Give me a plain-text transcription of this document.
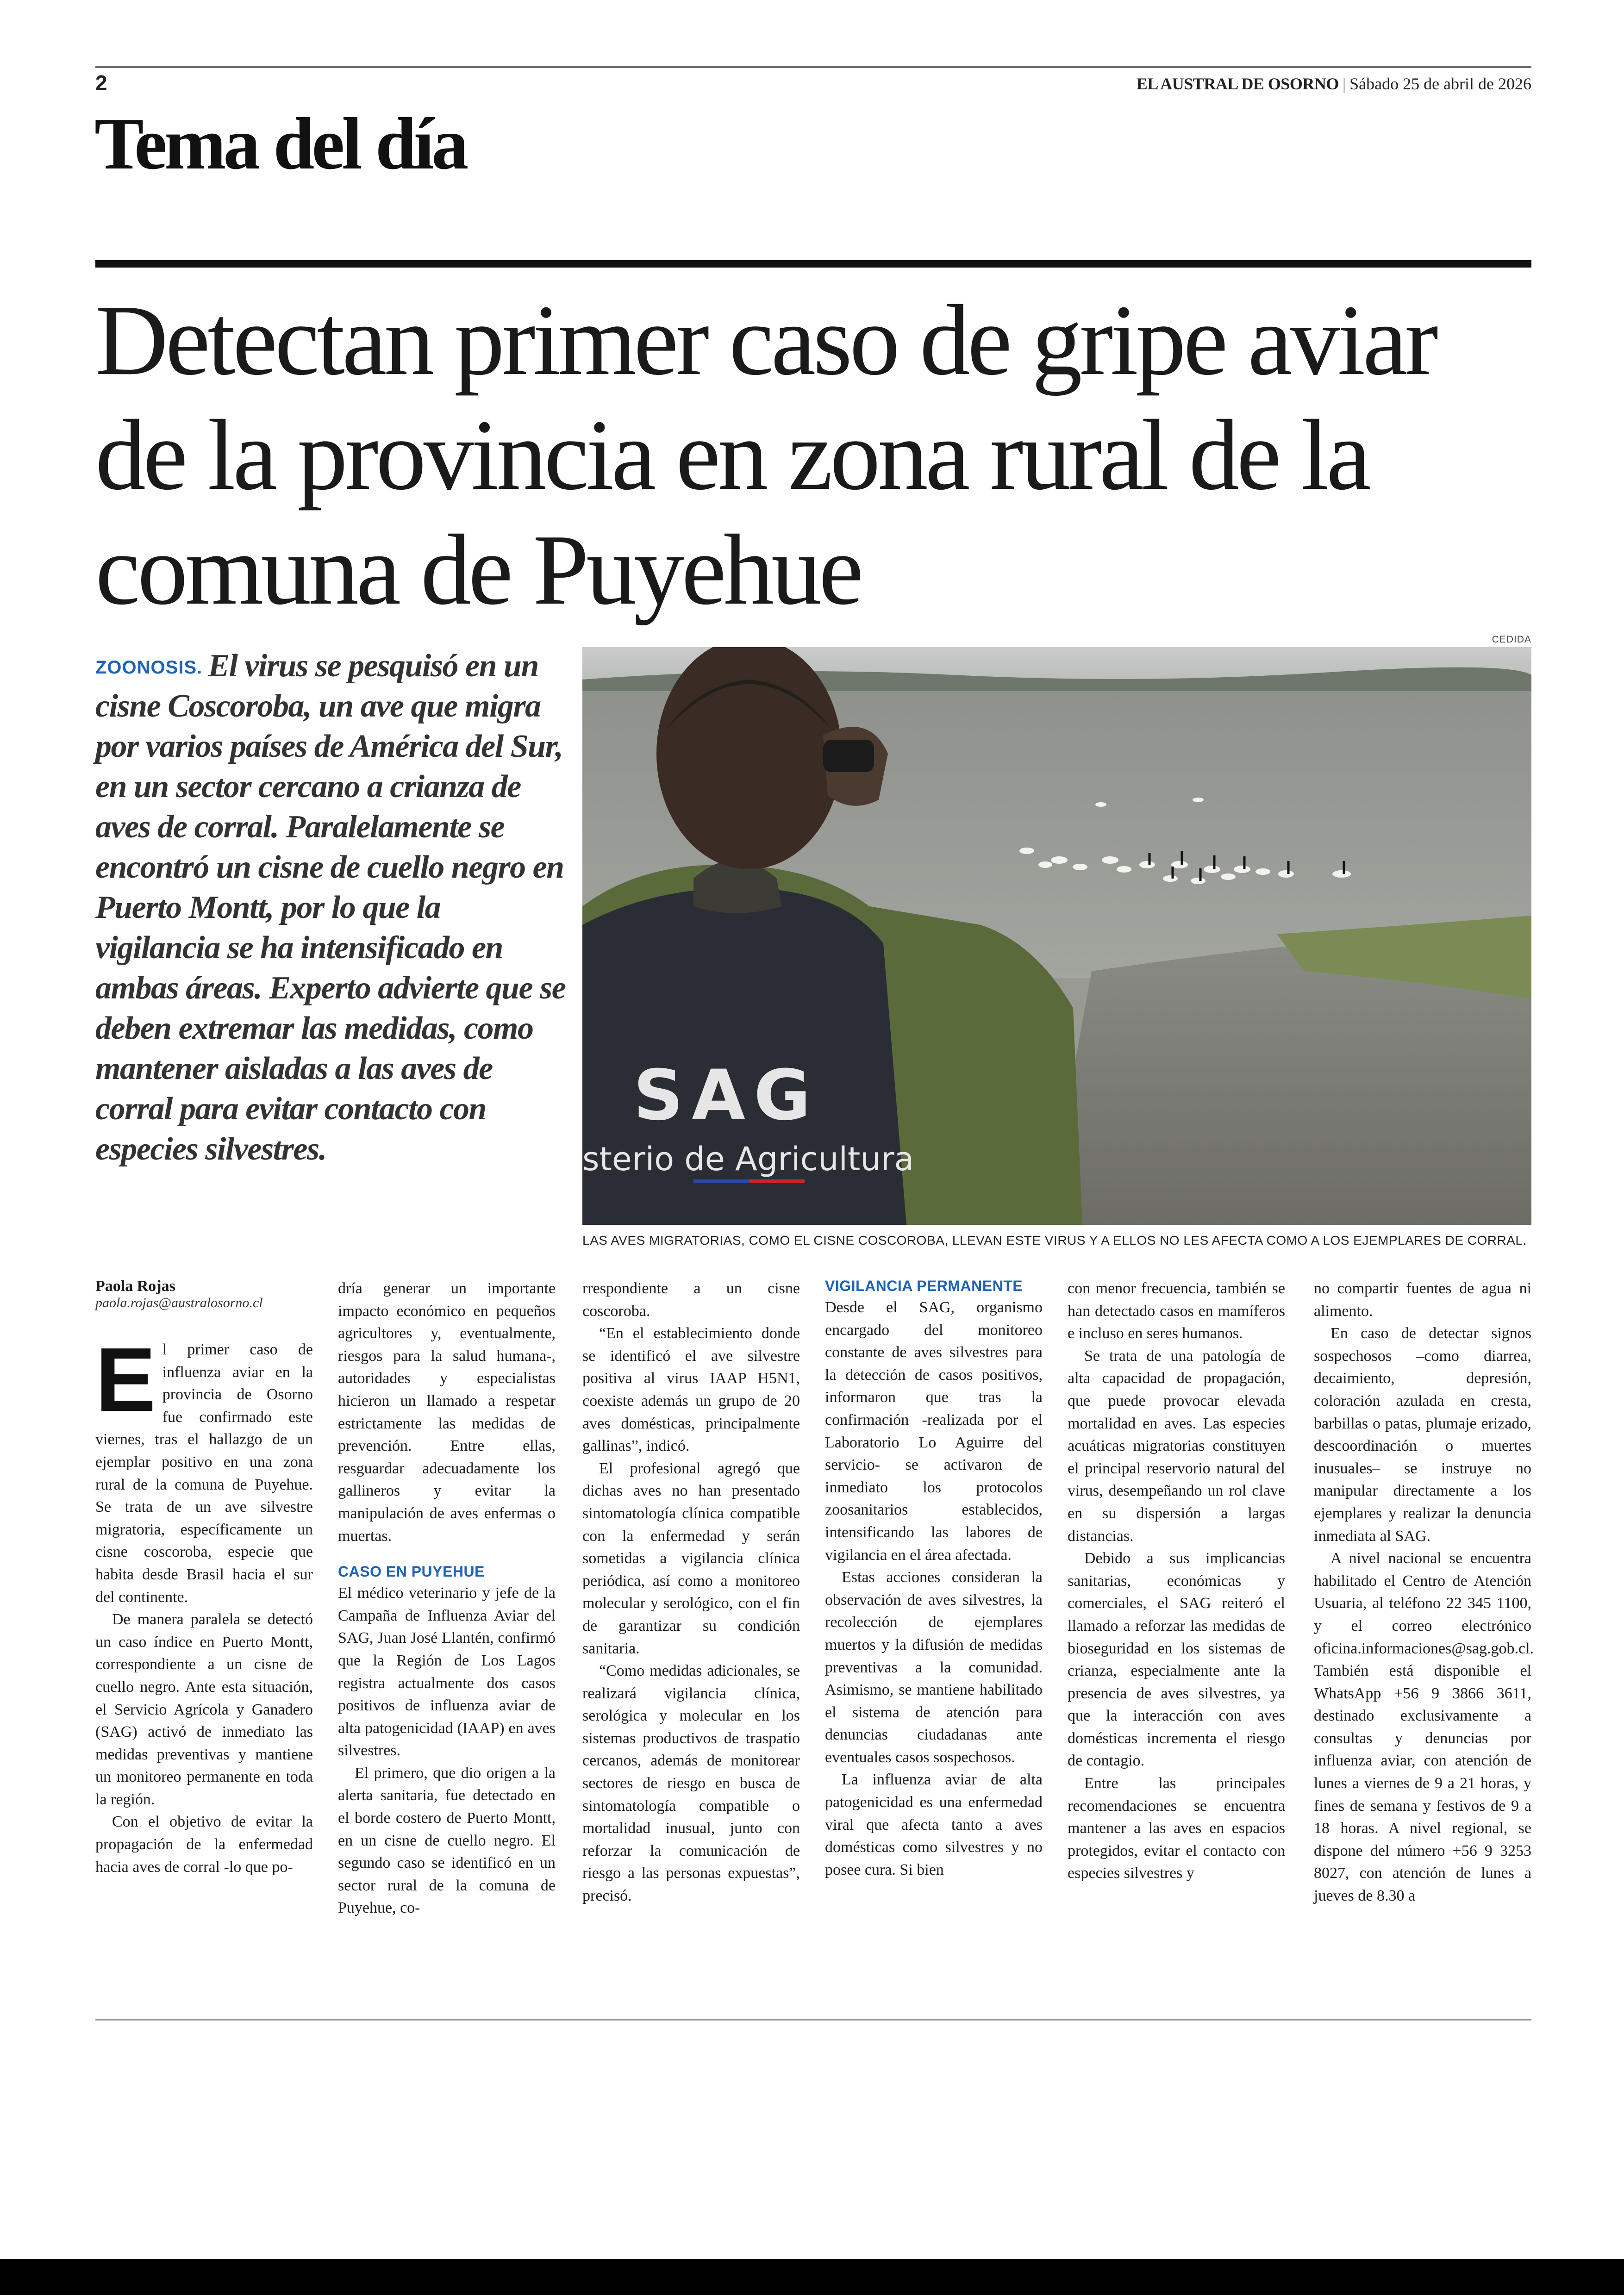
2	EL AUSTRAL DE OSORNO | Sábado 25 de abril de 2026
Tema del día
Detectan primer caso de gripe aviar de la provincia en zona rural de la comuna de Puyehue

ZOONOSIS. El virus se pesquisó en un cisne Coscoroba, un ave que migra por varios países de América del Sur, en un sector cercano a crianza de aves de corral. Paralelamente se encontró un cisne de cuello negro en Puerto Montt, por lo que la vigilancia se ha intensificado en ambas áreas. Experto advierte que se deben extremar las medidas, como mantener aisladas a las aves de corral para evitar contacto con especies silvestres.

CEDIDA
SAG
sterio de Agricultura
LAS AVES MIGRATORIAS, COMO EL CISNE COSCOROBA, LLEVAN ESTE VIRUS Y A ELLOS NO LES AFECTA COMO A LOS EJEMPLARES DE CORRAL.

Paola Rojas

paola.rojas@australosorno.cl

El primer caso de influenza aviar en la provincia de Osorno fue confirmado este viernes, tras el hallazgo de un ejemplar positivo en una zona rural de la comuna de Puyehue. Se trata de un ave silvestre migratoria, específicamente un cisne coscoroba, especie que habita desde Brasil hacia el sur del continente.

De manera paralela se detectó un caso índice en Puerto Montt, correspondiente a un cisne de cuello negro. Ante esta situación, el Servicio Agrícola y Ganadero (SAG) activó de inmediato las medidas preventivas y mantiene un monitoreo permanente en toda la región.

Con el objetivo de evitar la propagación de la enfermedad hacia aves de corral -lo que po-

dría generar un importante impacto económico en pequeños agricultores y, eventualmente, riesgos para la salud humana-, autoridades y especialistas hicieron un llamado a respetar estrictamente las medidas de prevención. Entre ellas, resguardar adecuadamente los gallineros y evitar la manipulación de aves enfermas o muertas.

CASO EN PUYEHUE

El médico veterinario y jefe de la Campaña de Influenza Aviar del SAG, Juan José Llantén, confirmó que la Región de Los Lagos registra actualmente dos casos positivos de influenza aviar de alta patogenicidad (IAAP) en aves silvestres.

El primero, que dio origen a la alerta sanitaria, fue detectado en el borde costero de Puerto Montt, en un cisne de cuello negro. El segundo caso se identificó en un sector rural de la comuna de Puyehue, co-

rrespondiente a un cisne coscoroba.

“En el establecimiento donde se identificó el ave silvestre positiva al virus IAAP H5N1, coexiste además un grupo de 20 aves domésticas, principalmente gallinas”, indicó.

El profesional agregó que dichas aves no han presentado sintomatología clínica compatible con la enfermedad y serán sometidas a vigilancia clínica periódica, así como a monitoreo molecular y serológico, con el fin de garantizar su condición sanitaria.

“Como medidas adicionales, se realizará vigilancia clínica, serológica y molecular en los sistemas productivos de traspatio cercanos, además de monitorear sectores de riesgo en busca de sintomatología compatible o mortalidad inusual, junto con reforzar la comunicación de riesgo a las personas expuestas”, precisó.

VIGILANCIA PERMANENTE

Desde el SAG, organismo encargado del monitoreo constante de aves silvestres para la detección de casos positivos, informaron que tras la confirmación -realizada por el Laboratorio Lo Aguirre del servicio- se activaron de inmediato los protocolos zoosanitarios establecidos, intensificando las labores de vigilancia en el área afectada.

Estas acciones consideran la observación de aves silvestres, la recolección de ejemplares muertos y la difusión de medidas preventivas a la comunidad. Asimismo, se mantiene habilitado el sistema de atención para denuncias ciudadanas ante eventuales casos sospechosos.

La influenza aviar de alta patogenicidad es una enfermedad viral que afecta tanto a aves domésticas como silvestres y no posee cura. Si bien

con menor frecuencia, también se han detectado casos en mamíferos e incluso en seres humanos.

Se trata de una patología de alta capacidad de propagación, que puede provocar elevada mortalidad en aves. Las especies acuáticas migratorias constituyen el principal reservorio natural del virus, desempeñando un rol clave en su dispersión a largas distancias.

Debido a sus implicancias sanitarias, económicas y comerciales, el SAG reiteró el llamado a reforzar las medidas de bioseguridad en los sistemas de crianza, especialmente ante la presencia de aves silvestres, ya que la interacción con aves domésticas incrementa el riesgo de contagio.

Entre las principales recomendaciones se encuentra mantener a las aves en espacios protegidos, evitar el contacto con especies silvestres y

no compartir fuentes de agua ni alimento.

En caso de detectar signos sospechosos –como diarrea, decaimiento, depresión, coloración azulada en cresta, barbillas o patas, plumaje erizado, descoordinación o muertes inusuales– se instruye no manipular directamente a los ejemplares y realizar la denuncia inmediata al SAG.

A nivel nacional se encuentra habilitado el Centro de Atención Usuaria, al teléfono 22 345 1100, y el correo electrónico oficina.informaciones@sag.gob.cl. También está disponible el WhatsApp +56 9 3866 3611, destinado exclusivamente a consultas y denuncias por influenza aviar, con atención de lunes a viernes de 9 a 21 horas, y fines de semana y festivos de 9 a 18 horas. A nivel regional, se dispone del número +56 9 3253 8027, con atención de lunes a jueves de 8.30 a
